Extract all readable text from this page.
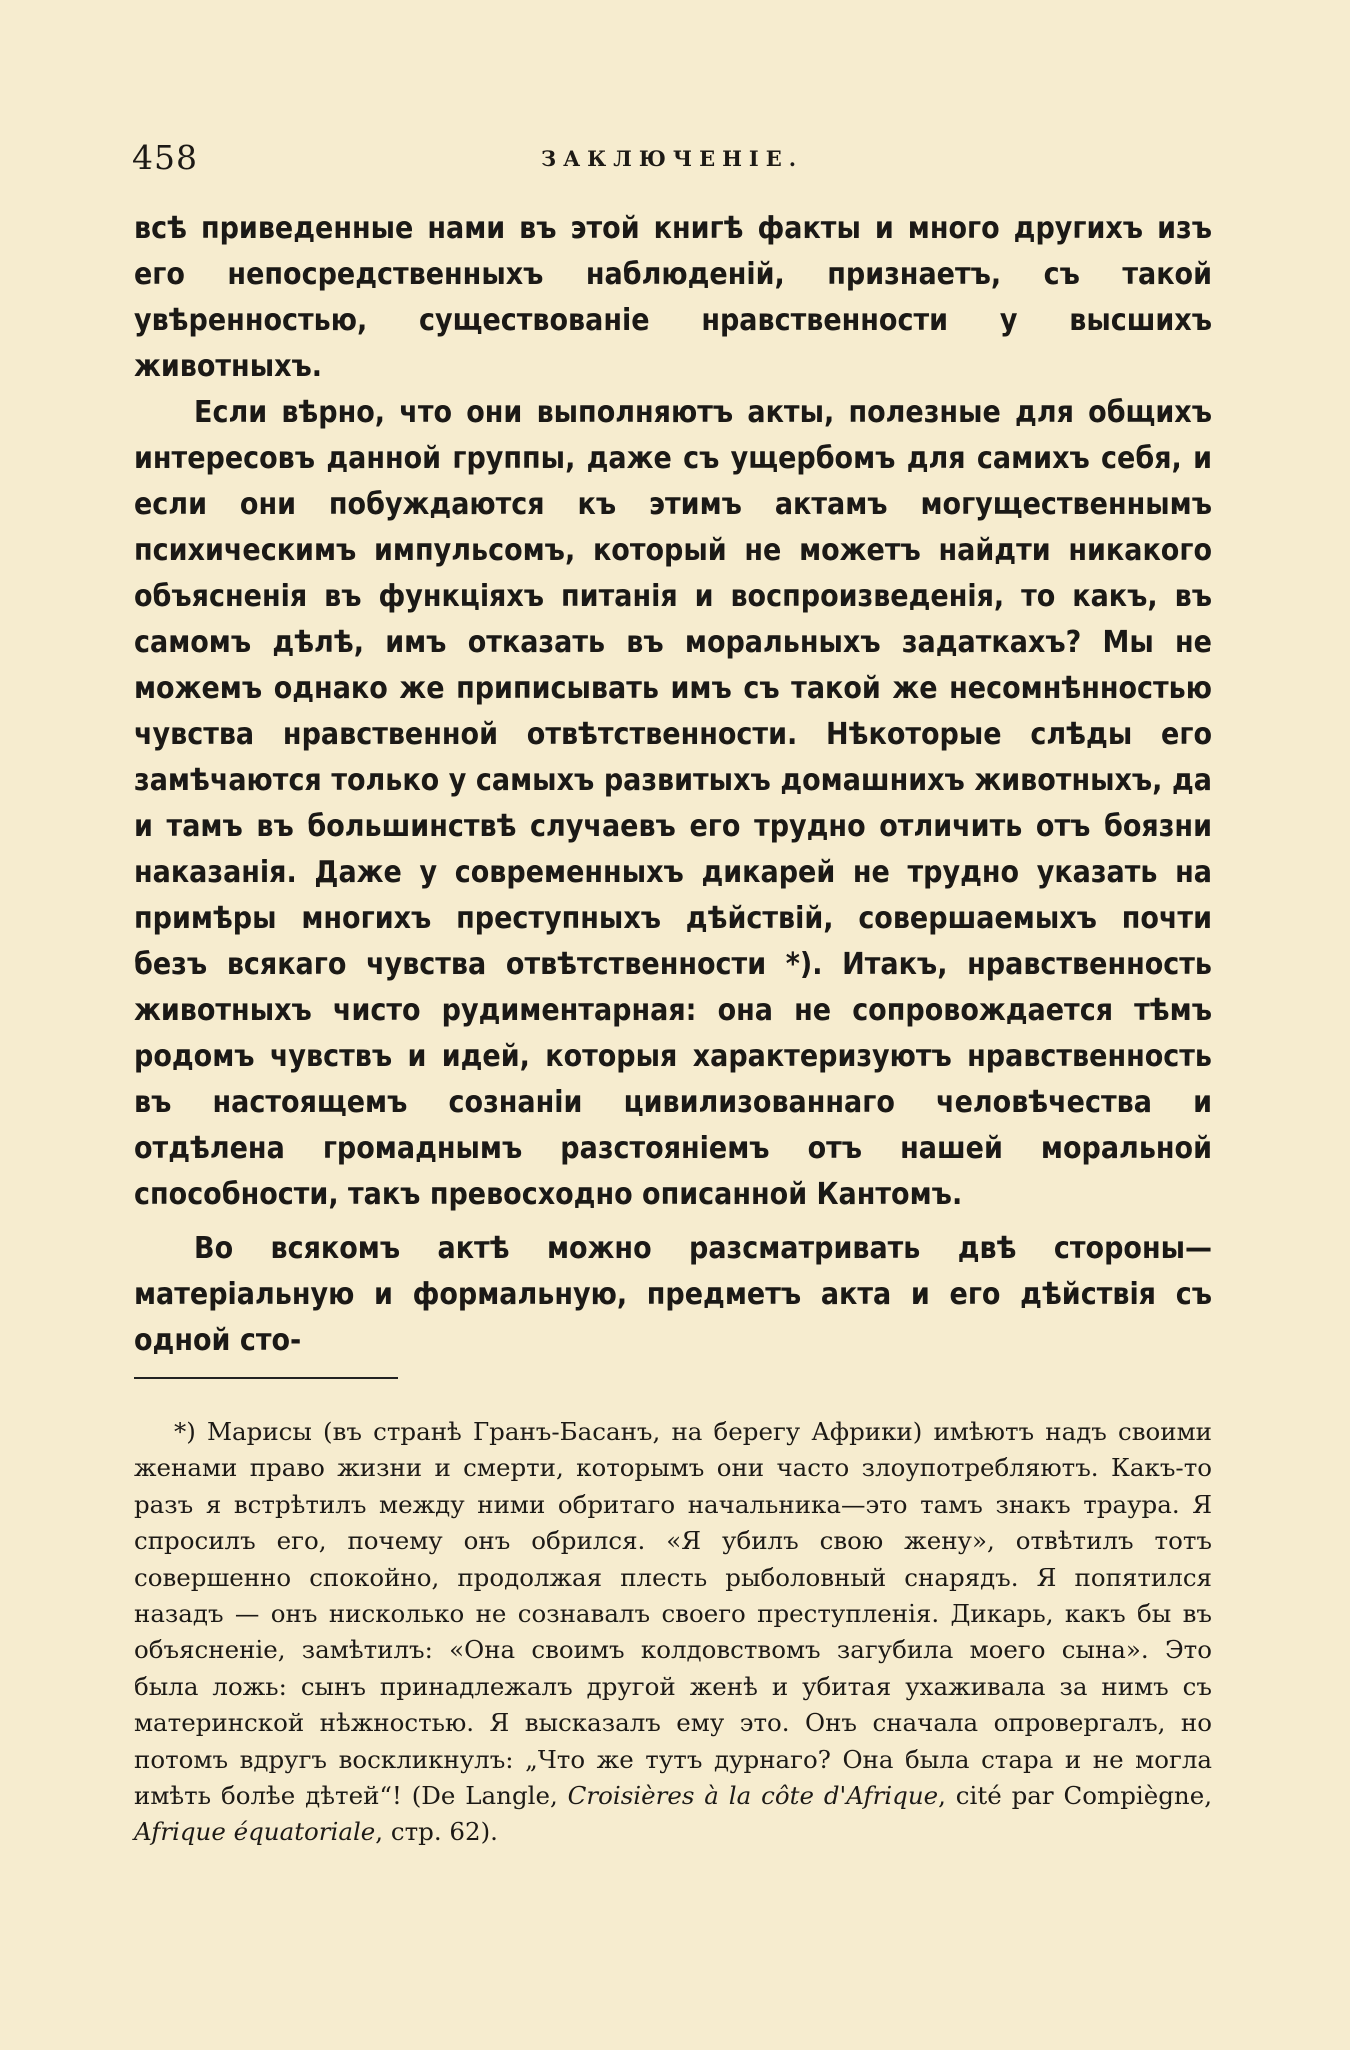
458	ЗАКЛЮЧЕНІЕ.

всѣ приведенные нами въ этой книгѣ факты и много другихъ изъ его непосредственныхъ наблюденій, признаетъ, съ такой увѣренностью, существованіе нравственности у высшихъ животныхъ.

Если вѣрно, что они выполняютъ акты, полезные для общихъ интересовъ данной группы, даже съ ущербомъ для самихъ себя, и если они побуждаются къ этимъ актамъ могущественнымъ психическимъ импульсомъ, который не можетъ найдти никакого объясненія въ функціяхъ питанія и воспроизведенія, то какъ, въ самомъ дѣлѣ, имъ отказать въ моральныхъ задаткахъ? Мы не можемъ однако же приписывать имъ съ такой же несомнѣнностью чувства нравственной отвѣтственности. Нѣкоторые слѣды его замѣчаются только у самыхъ развитыхъ домашнихъ животныхъ, да и тамъ въ большинствѣ случаевъ его трудно отличить отъ боязни наказанія. Даже у современныхъ дикарей не трудно указать на примѣры многихъ преступныхъ дѣйствій, совершаемыхъ почти безъ всякаго чувства отвѣтственности *). Итакъ, нравственность животныхъ чисто рудиментарная: она не сопровождается тѣмъ родомъ чувствъ и идей, которыя характеризуютъ нравственность въ настоящемъ сознаніи цивилизованнаго человѣчества и отдѣлена громаднымъ разстояніемъ отъ нашей моральной способности, такъ превосходно описанной Кантомъ.

Во всякомъ актѣ можно разсматривать двѣ стороны—матеріальную и формальную, предметъ акта и его дѣйствія съ одной сто-

*) Марисы (въ странѣ Гранъ-Басанъ, на берегу Африки) имѣютъ надъ своими женами право жизни и смерти, которымъ они часто злоупотребляютъ. Какъ-то разъ я встрѣтилъ между ними обритаго начальника—это тамъ знакъ траура. Я спросилъ его, почему онъ обрился. «Я убилъ свою жену», отвѣтилъ тотъ совершенно спокойно, продолжая плесть рыболовный снарядъ. Я попятился назадъ — онъ нисколько не сознавалъ своего преступленія. Дикарь, какъ бы въ объясненіе, замѣтилъ: «Она своимъ колдовствомъ загубила моего сына». Это была ложь: сынъ принадлежалъ другой женѣ и убитая ухаживала за нимъ съ материнской нѣжностью. Я высказалъ ему это. Онъ сначала опровергалъ, но потомъ вдругъ воскликнулъ: „Что же тутъ дурнаго? Она была стара и не могла имѣть болѣе дѣтей“! (De Langle, Croisières à la côte d'Afrique, cité par Compiègne, Afrique équatoriale, стр. 62).
